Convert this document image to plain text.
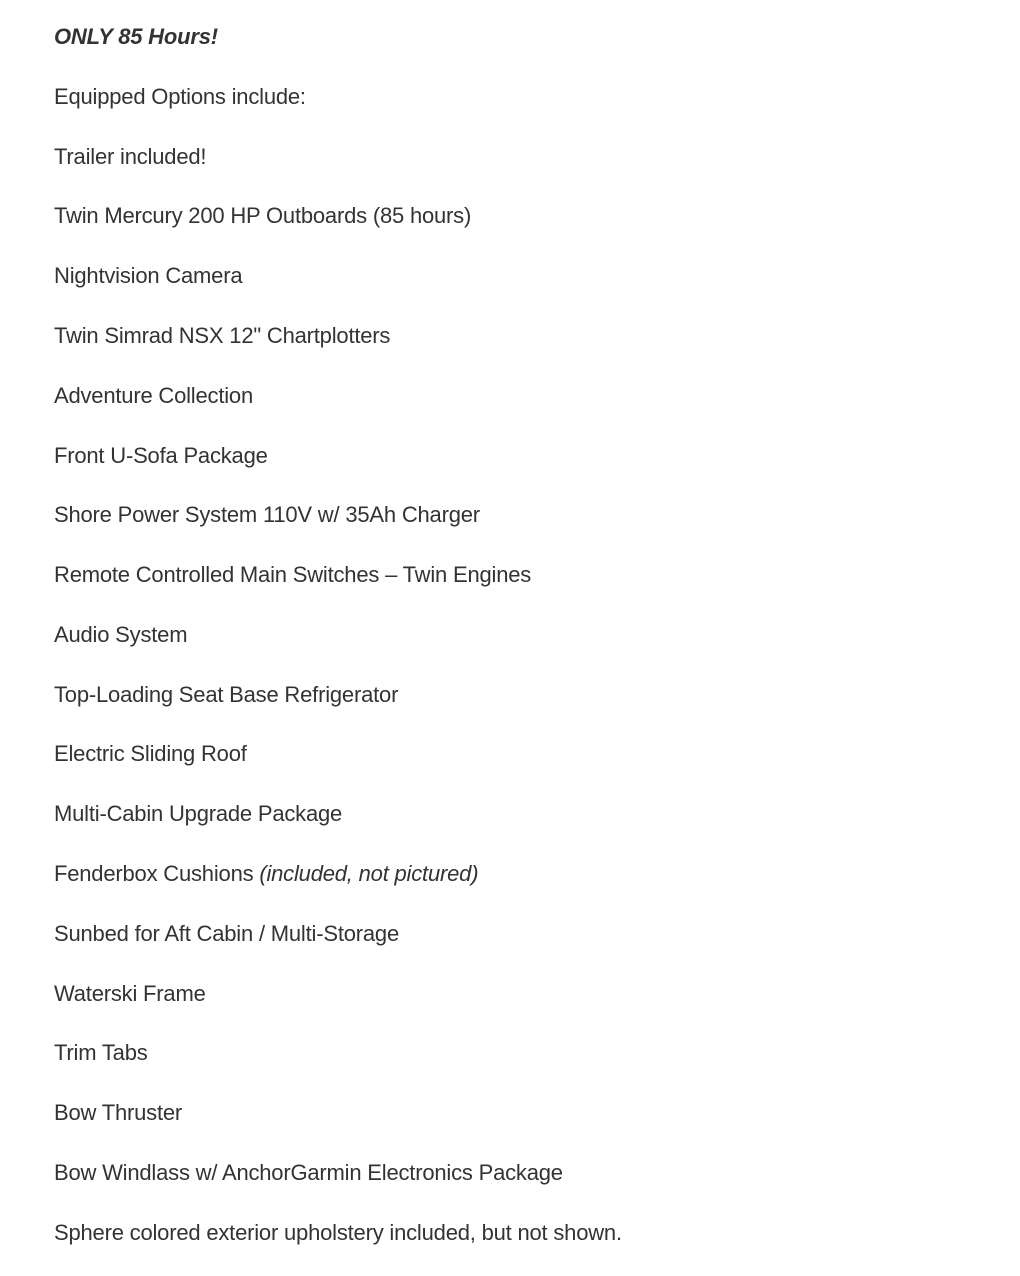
ONLY 85 Hours!
Equipped Options include:
Trailer included!
Twin Mercury 200 HP Outboards (85 hours)
Nightvision Camera
Twin Simrad NSX 12" Chartplotters
Adventure Collection
Front U-Sofa Package
Shore Power System 110V w/ 35Ah Charger
Remote Controlled Main Switches – Twin Engines
Audio System
Top-Loading Seat Base Refrigerator
Electric Sliding Roof
Multi-Cabin Upgrade Package
Fenderbox Cushions (included, not pictured)
Sunbed for Aft Cabin / Multi-Storage
Waterski Frame
Trim Tabs
Bow Thruster
Bow Windlass w/ AnchorGarmin Electronics Package
Sphere colored exterior upholstery included, but not shown.
